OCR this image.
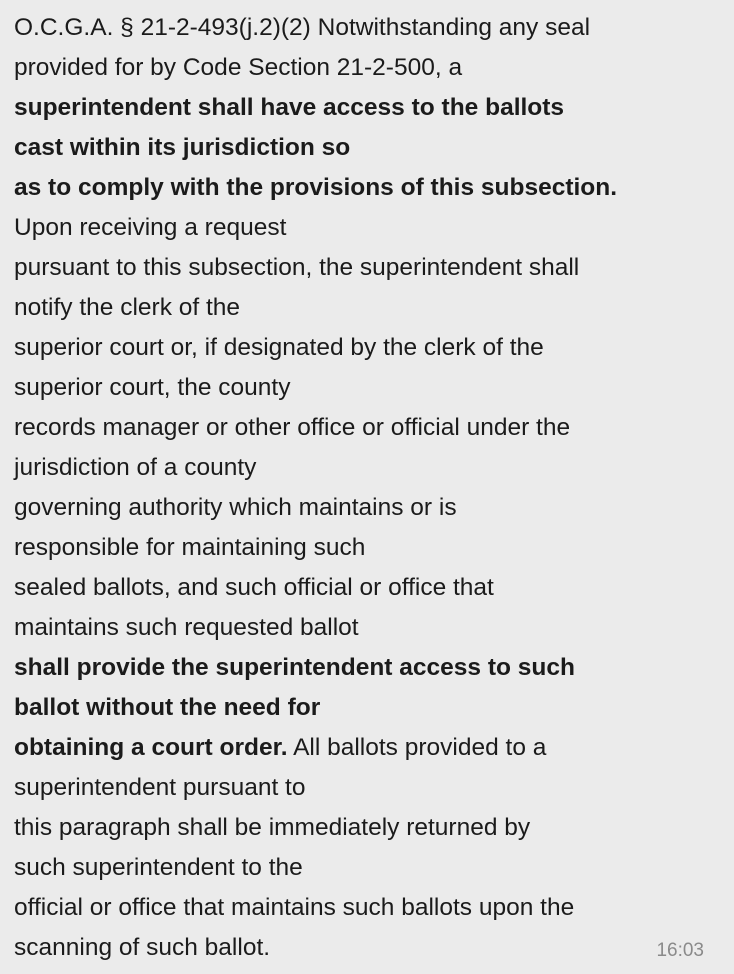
O.C.G.A. § 21-2-493(j.2)(2) Notwithstanding any seal
provided for by Code Section 21-2-500, a
superintendent shall have access to the ballots
cast within its jurisdiction so
as to comply with the provisions of this subsection.
Upon receiving a request
pursuant to this subsection, the superintendent shall
notify the clerk of the
superior court or, if designated by the clerk of the
superior court, the county
records manager or other office or official under the
jurisdiction of a county
governing authority which maintains or is
responsible for maintaining such
sealed ballots, and such official or office that
maintains such requested ballot
shall provide the superintendent access to such
ballot without the need for
obtaining a court order. All ballots provided to a
superintendent pursuant to
this paragraph shall be immediately returned by
such superintendent to the
official or office that maintains such ballots upon the
scanning of such ballot.	16:03
